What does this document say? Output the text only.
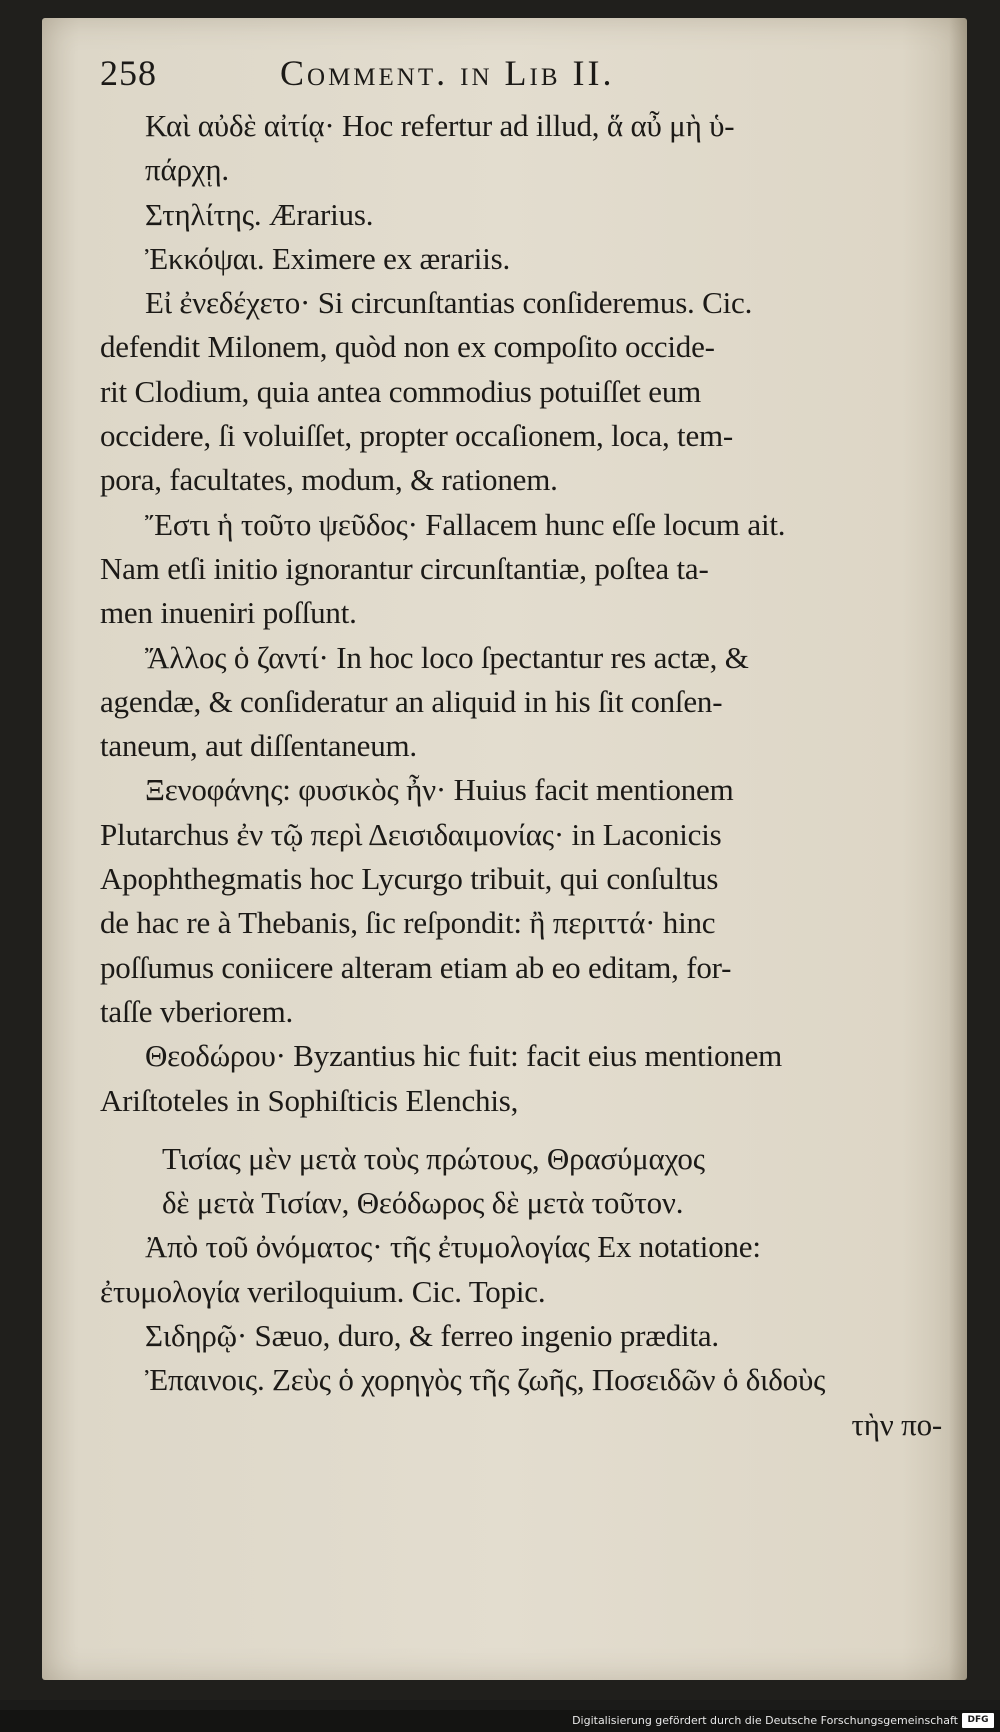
258	Comment. in Lib II.
Καὶ αὐδὲ αἰτίᾳ· Hoc refertur ad illud, ἅ αὖ μὴ ὑ-
πάρχῃ.
Στηλίτης. Ærarius.
Ἐκκόψαι. Eximere ex ærariis.
Εἰ ἐνεδέχετο· Si circunſtantias conſideremus. Cic.
defendit Milonem, quòd non ex compoſito occide-
rit Clodium, quia antea commodius potuiſſet eum
occidere, ſi voluiſſet, propter occaſionem, loca, tem-
pora, facultates, modum, & rationem.
Ἔστι ἡ τοῦτο ψεῦδος· Fallacem hunc eſſe locum ait.
Nam etſi initio ignorantur circunſtantiæ, poſtea ta-
men inueniri poſſunt.
Ἄλλος ὁ ζαντί· In hoc loco ſpectantur res actæ, &
agendæ, & conſideratur an aliquid in his ſit conſen-
taneum, aut diſſentaneum.
Ξενοφάνης: φυσικὸς ἦν· Huius facit mentionem
Plutarchus ἐν τῷ περὶ Δεισιδαιμονίας· in Laconicis
Apophthegmatis hoc Lycurgo tribuit, qui conſultus
de hac re à Thebanis, ſic reſpondit: ἢ περιττά· hinc
poſſumus coniicere alteram etiam ab eo editam, for-
taſſe vberiorem.
Θεοδώρου· Byzantius hic fuit: facit eius mentionem
Ariſtoteles in Sophiſticis Elenchis,
Τισίας μὲν μετὰ τοὺς πρώτους, Θρασύμαχος
δὲ μετὰ Τισίαν, Θεόδωρος δὲ μετὰ τοῦτον.
Ἀπὸ τοῦ ὀνόματος· τῆς ἐτυμολογίας Ex notatione:
ἐτυμολογία veriloquium. Cic. Topic.
Σιδηρῷ· Sæuo, duro, & ferreo ingenio prædita.
Ἐπαινοις. Ζεὺς ὁ χορηγὸς τῆς ζωῆς, Ποσειδῶν ὁ διδοὺς
τὴν πο-
Digitalisierung gefördert durch die Deutsche Forschungsgemeinschaft	DFG
